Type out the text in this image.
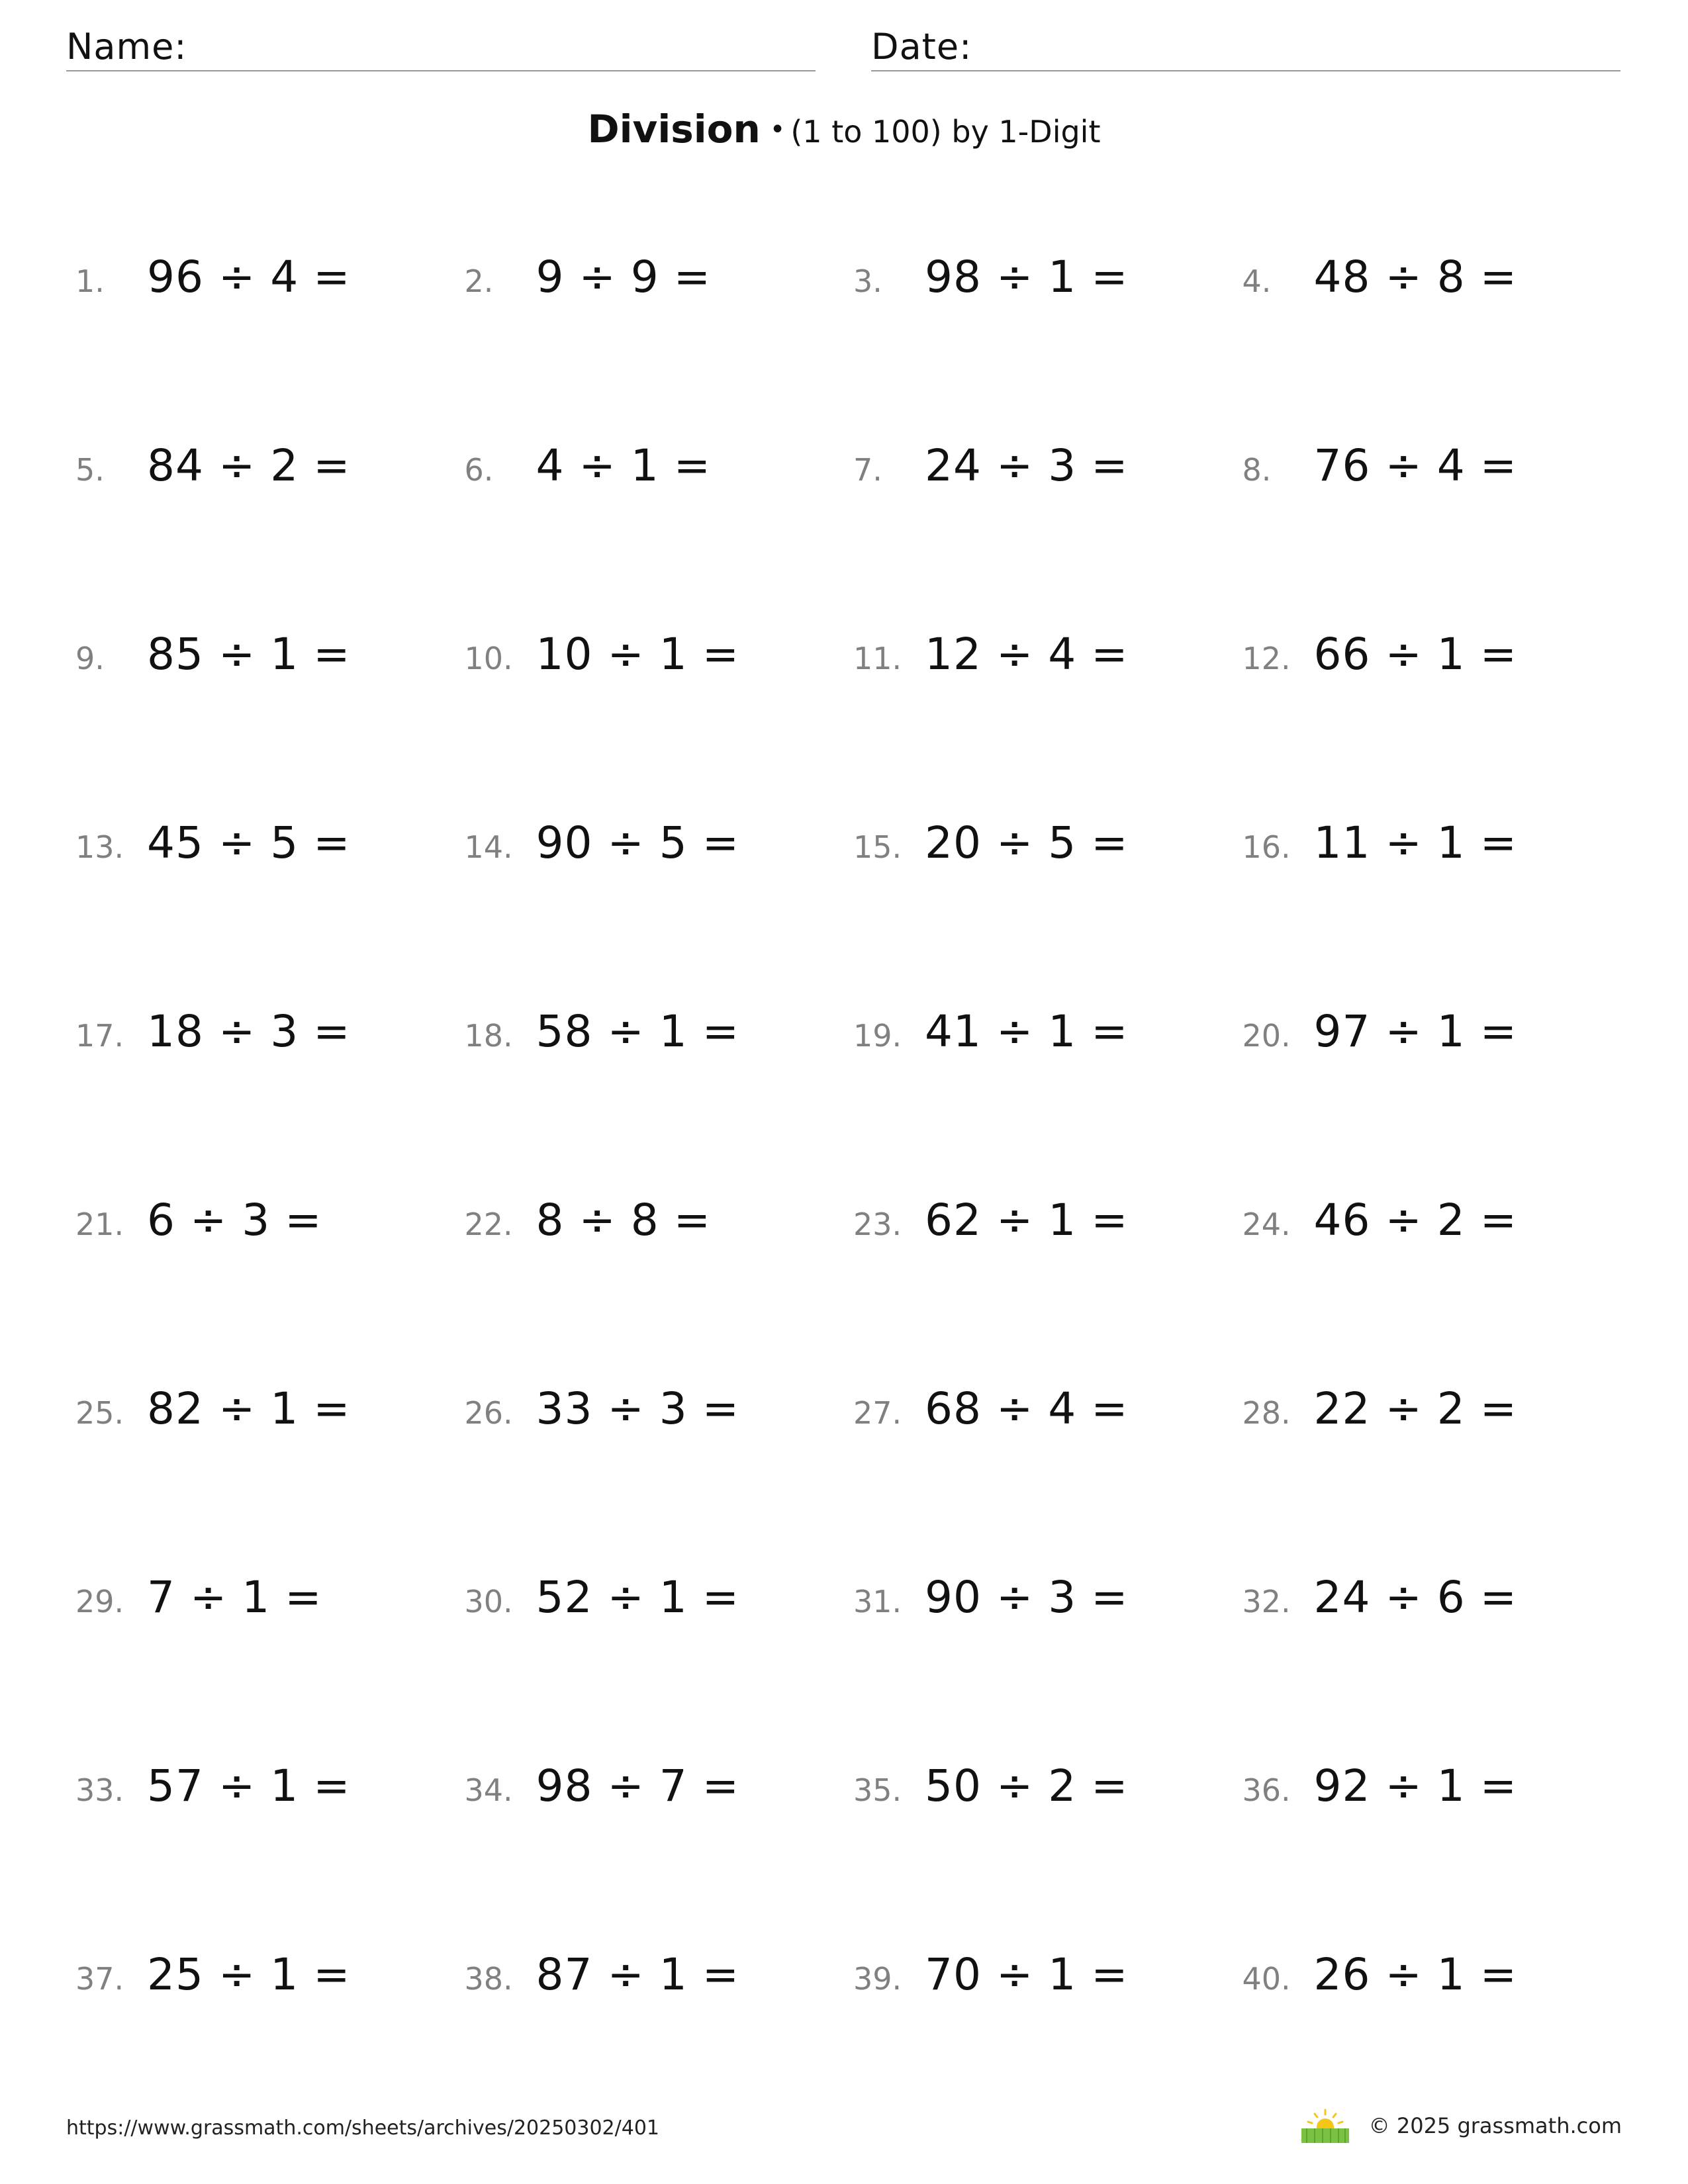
Name:	Date:
Division • (1 to 100) by 1-Digit
1. 96 ÷ 4 =	2. 9 ÷ 9 =	3. 98 ÷ 1 =	4. 48 ÷ 8 =
5. 84 ÷ 2 =	6. 4 ÷ 1 =	7. 24 ÷ 3 =	8. 76 ÷ 4 =
9. 85 ÷ 1 =	10. 10 ÷ 1 =	11. 12 ÷ 4 =	12. 66 ÷ 1 =
13. 45 ÷ 5 =	14. 90 ÷ 5 =	15. 20 ÷ 5 =	16. 11 ÷ 1 =
17. 18 ÷ 3 =	18. 58 ÷ 1 =	19. 41 ÷ 1 =	20. 97 ÷ 1 =
21. 6 ÷ 3 =	22. 8 ÷ 8 =	23. 62 ÷ 1 =	24. 46 ÷ 2 =
25. 82 ÷ 1 =	26. 33 ÷ 3 =	27. 68 ÷ 4 =	28. 22 ÷ 2 =
29. 7 ÷ 1 =	30. 52 ÷ 1 =	31. 90 ÷ 3 =	32. 24 ÷ 6 =
33. 57 ÷ 1 =	34. 98 ÷ 7 =	35. 50 ÷ 2 =	36. 92 ÷ 1 =
37. 25 ÷ 1 =	38. 87 ÷ 1 =	39. 70 ÷ 1 =	40. 26 ÷ 1 =
https://www.grassmath.com/sheets/archives/20250302/401	© 2025 grassmath.com
